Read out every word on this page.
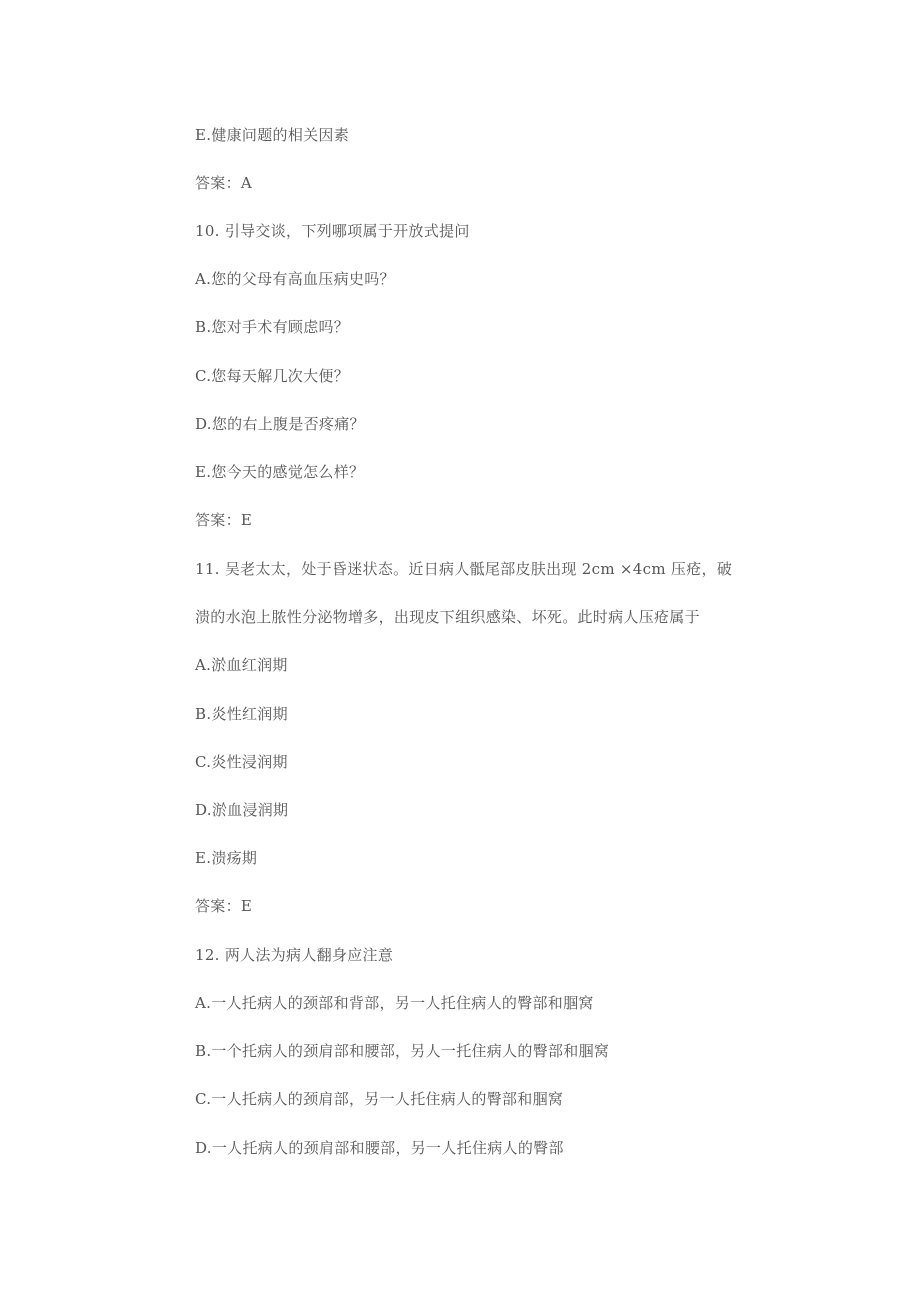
E.健康问题的相关因素
答案：A
10. 引导交谈，下列哪项属于开放式提问
A.您的父母有高血压病史吗？
B.您对手术有顾虑吗？
C.您每天解几次大便？
D.您的右上腹是否疼痛？
E.您今天的感觉怎么样？
答案：E
11. 吴老太太，处于昏迷状态。近日病人骶尾部皮肤出现 2cm ×4cm 压疮，破
溃的水泡上脓性分泌物增多，出现皮下组织感染、坏死。此时病人压疮属于
A.淤血红润期
B.炎性红润期
C.炎性浸润期
D.淤血浸润期
E.溃疡期
答案：E
12. 两人法为病人翻身应注意
A.一人托病人的颈部和背部，另一人托住病人的臀部和腘窝
B.一个托病人的颈肩部和腰部，另人一托住病人的臀部和腘窝
C.一人托病人的颈肩部，另一人托住病人的臀部和腘窝
D.一人托病人的颈肩部和腰部，另一人托住病人的臀部
